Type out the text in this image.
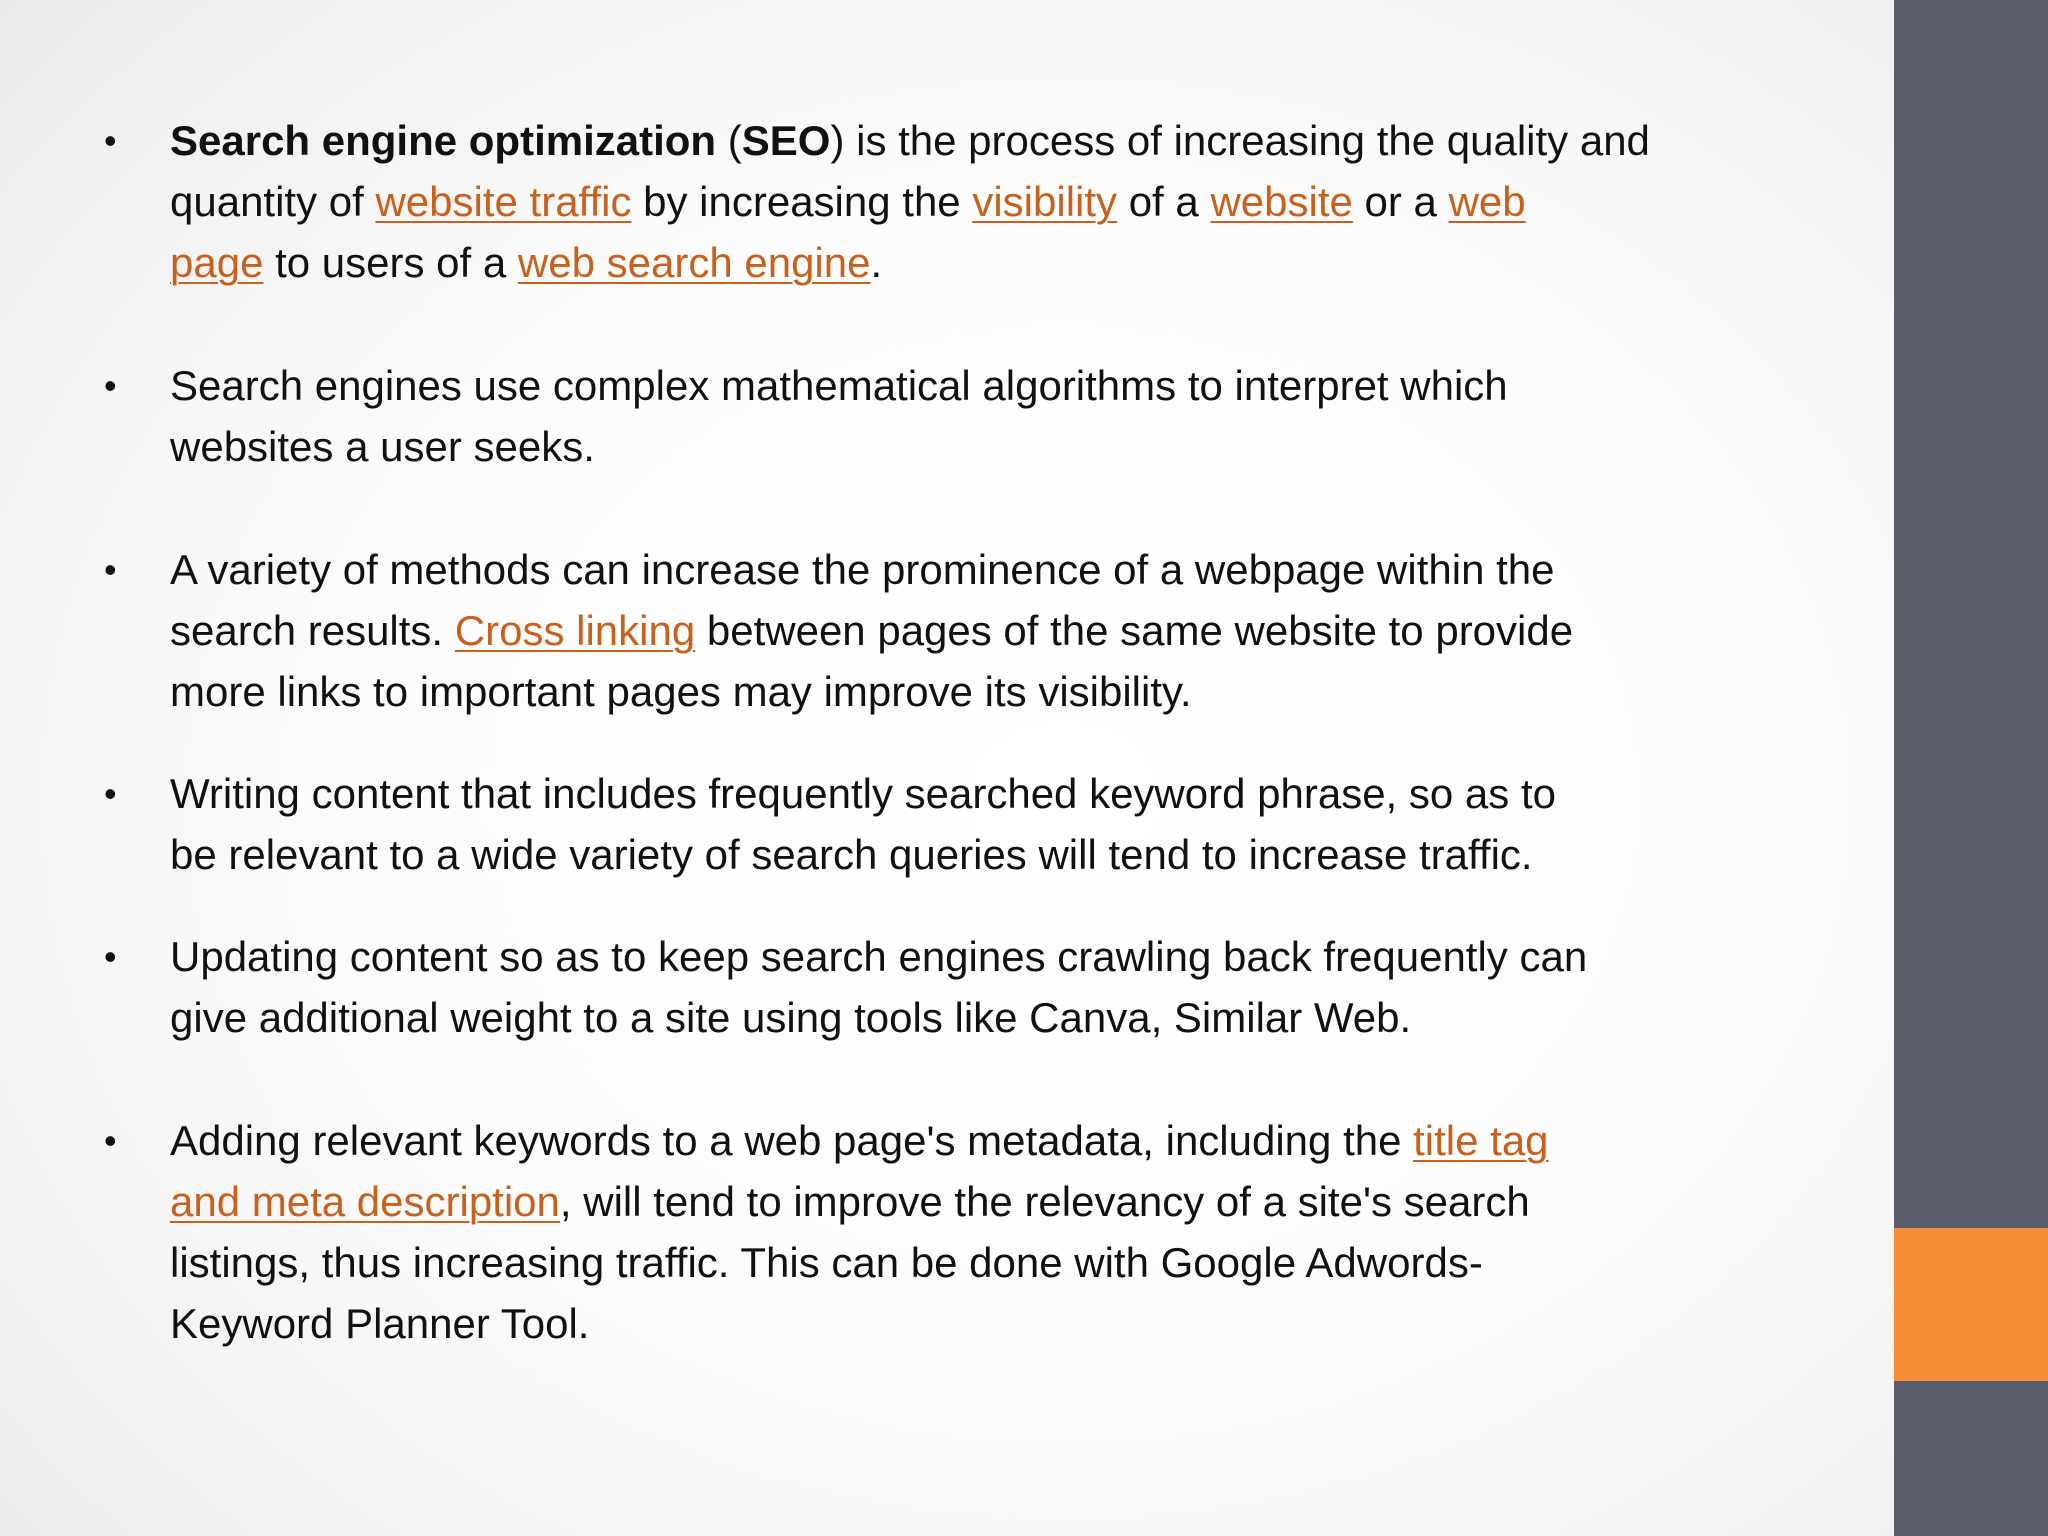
• Search engine optimization (SEO) is the process of increasing the quality and
quantity of website traffic by increasing the visibility of a website or a web
page to users of a web search engine.
• Search engines use complex mathematical algorithms to interpret which
websites a user seeks.
• A variety of methods can increase the prominence of a webpage within the
search results. Cross linking between pages of the same website to provide
more links to important pages may improve its visibility.
• Writing content that includes frequently searched keyword phrase, so as to
be relevant to a wide variety of search queries will tend to increase traffic.
• Updating content so as to keep search engines crawling back frequently can
give additional weight to a site using tools like Canva, Similar Web.
• Adding relevant keywords to a web page's metadata, including the title tag
and meta description, will tend to improve the relevancy of a site's search
listings, thus increasing traffic. This can be done with Google Adwords-
Keyword Planner Tool.
